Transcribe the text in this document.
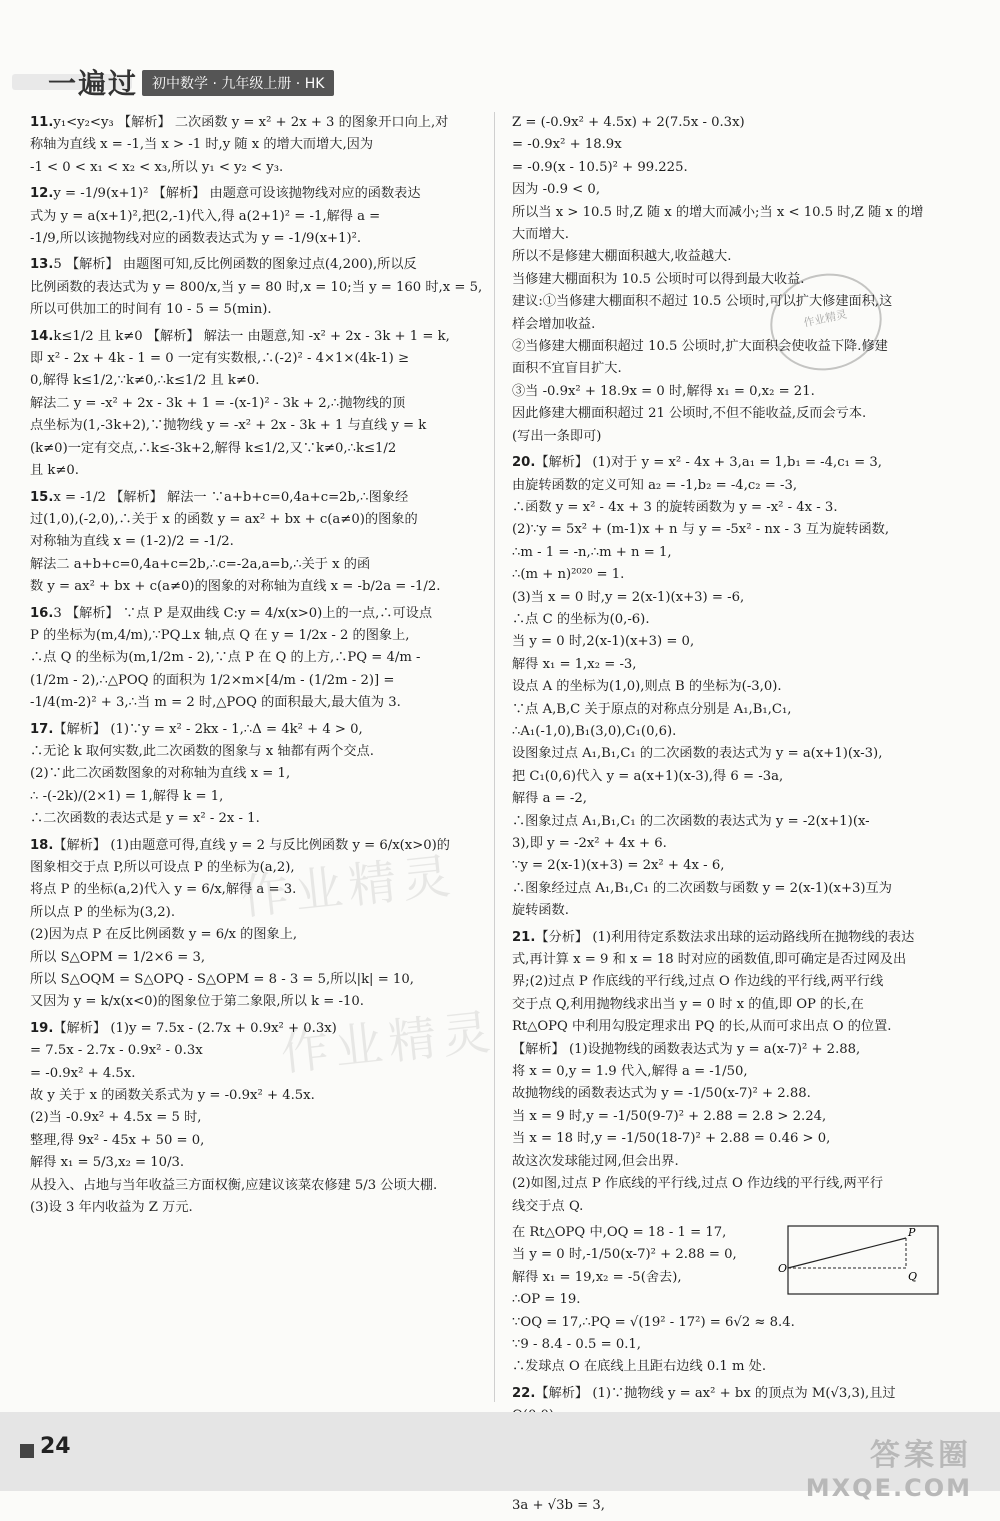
一遍过 初中数学 · 九年级上册 · HK
11.y₁<y₂<y₃ 【解析】 二次函数 y = x² + 2x + 3 的图象开口向上,对
称轴为直线 x = -1,当 x > -1 时,y 随 x 的增大而增大,因为
-1 < 0 < x₁ < x₂ < x₃,所以 y₁ < y₂ < y₃.
12.y = -1/9(x+1)² 【解析】 由题意可设该抛物线对应的函数表达
式为 y = a(x+1)²,把(2,-1)代入,得 a(2+1)² = -1,解得 a =
-1/9,所以该抛物线对应的函数表达式为 y = -1/9(x+1)².
13.5 【解析】 由题图可知,反比例函数的图象过点(4,200),所以反
比例函数的表达式为 y = 800/x,当 y = 80 时,x = 10;当 y = 160 时,x = 5,
所以可供加工的时间有 10 - 5 = 5(min).
14.k≤1/2 且 k≠0 【解析】 解法一 由题意,知 -x² + 2x - 3k + 1 = k,
即 x² - 2x + 4k - 1 = 0 一定有实数根,∴(-2)² - 4×1×(4k-1) ≥
0,解得 k≤1/2,∵k≠0,∴k≤1/2 且 k≠0.
解法二 y = -x² + 2x - 3k + 1 = -(x-1)² - 3k + 2,∴抛物线的顶
点坐标为(1,-3k+2),∵抛物线 y = -x² + 2x - 3k + 1 与直线 y = k
(k≠0)一定有交点,∴k≤-3k+2,解得 k≤1/2,又∵k≠0,∴k≤1/2
且 k≠0.
15.x = -1/2 【解析】 解法一 ∵a+b+c=0,4a+c=2b,∴图象经
过(1,0),(-2,0),∴关于 x 的函数 y = ax² + bx + c(a≠0)的图象的
对称轴为直线 x = (1-2)/2 = -1/2.
解法二 a+b+c=0,4a+c=2b,∴c=-2a,a=b,∴关于 x 的函
数 y = ax² + bx + c(a≠0)的图象的对称轴为直线 x = -b/2a = -1/2.
16.3 【解析】 ∵点 P 是双曲线 C:y = 4/x(x>0)上的一点,∴可设点
P 的坐标为(m,4/m),∵PQ⊥x 轴,点 Q 在 y = 1/2x - 2 的图象上,
∴点 Q 的坐标为(m,1/2m - 2),∵点 P 在 Q 的上方,∴PQ = 4/m -
(1/2m - 2),∴△POQ 的面积为 1/2×m×[4/m - (1/2m - 2)] =
-1/4(m-2)² + 3,∴当 m = 2 时,△POQ 的面积最大,最大值为 3.
17.【解析】 (1)∵y = x² - 2kx - 1,∴Δ = 4k² + 4 > 0,
∴无论 k 取何实数,此二次函数的图象与 x 轴都有两个交点.
(2)∵此二次函数图象的对称轴为直线 x = 1,
∴ -(-2k)/(2×1) = 1,解得 k = 1,
∴二次函数的表达式是 y = x² - 2x - 1.
18.【解析】 (1)由题意可得,直线 y = 2 与反比例函数 y = 6/x(x>0)的
图象相交于点 P,所以可设点 P 的坐标为(a,2),
将点 P 的坐标(a,2)代入 y = 6/x,解得 a = 3.
所以点 P 的坐标为(3,2).
(2)因为点 P 在反比例函数 y = 6/x 的图象上,
所以 S△OPM = 1/2×6 = 3,
所以 S△OQM = S△OPQ - S△OPM = 8 - 3 = 5,所以|k| = 10,
又因为 y = k/x(x<0)的图象位于第二象限,所以 k = -10.
19.【解析】 (1)y = 7.5x - (2.7x + 0.9x² + 0.3x)
= 7.5x - 2.7x - 0.9x² - 0.3x
= -0.9x² + 4.5x.
故 y 关于 x 的函数关系式为 y = -0.9x² + 4.5x.
(2)当 -0.9x² + 4.5x = 5 时,
整理,得 9x² - 45x + 50 = 0,
解得 x₁ = 5/3,x₂ = 10/3.
从投入、占地与当年收益三方面权衡,应建议该菜农修建 5/3 公顷大棚.
(3)设 3 年内收益为 Z 万元.
Z = (-0.9x² + 4.5x) + 2(7.5x - 0.3x)
= -0.9x² + 18.9x
= -0.9(x - 10.5)² + 99.225.
因为 -0.9 < 0,
所以当 x > 10.5 时,Z 随 x 的增大而减小;当 x < 10.5 时,Z 随 x 的增
大而增大.
所以不是修建大棚面积越大,收益越大.
当修建大棚面积为 10.5 公顷时可以得到最大收益.
建议:①当修建大棚面积不超过 10.5 公顷时,可以扩大修建面积,这
样会增加收益.
②当修建大棚面积超过 10.5 公顷时,扩大面积会使收益下降.修建
面积不宜盲目扩大.
③当 -0.9x² + 18.9x = 0 时,解得 x₁ = 0,x₂ = 21.
因此修建大棚面积超过 21 公顷时,不但不能收益,反而会亏本.
(写出一条即可)
20.【解析】 (1)对于 y = x² - 4x + 3,a₁ = 1,b₁ = -4,c₁ = 3,
由旋转函数的定义可知 a₂ = -1,b₂ = -4,c₂ = -3,
∴函数 y = x² - 4x + 3 的旋转函数为 y = -x² - 4x - 3.
(2)∵y = 5x² + (m-1)x + n 与 y = -5x² - nx - 3 互为旋转函数,
∴m - 1 = -n,∴m + n = 1,
∴(m + n)²⁰²⁰ = 1.
(3)当 x = 0 时,y = 2(x-1)(x+3) = -6,
∴点 C 的坐标为(0,-6).
当 y = 0 时,2(x-1)(x+3) = 0,
解得 x₁ = 1,x₂ = -3,
设点 A 的坐标为(1,0),则点 B 的坐标为(-3,0).
∵点 A,B,C 关于原点的对称点分别是 A₁,B₁,C₁,
∴A₁(-1,0),B₁(3,0),C₁(0,6).
设图象过点 A₁,B₁,C₁ 的二次函数的表达式为 y = a(x+1)(x-3),
把 C₁(0,6)代入 y = a(x+1)(x-3),得 6 = -3a,
解得 a = -2,
∴图象过点 A₁,B₁,C₁ 的二次函数的表达式为 y = -2(x+1)(x-
3),即 y = -2x² + 4x + 6.
∵y = 2(x-1)(x+3) = 2x² + 4x - 6,
∴图象经过点 A₁,B₁,C₁ 的二次函数与函数 y = 2(x-1)(x+3)互为
旋转函数.
21.【分析】 (1)利用待定系数法求出球的运动路线所在抛物线的表达
式,再计算 x = 9 和 x = 18 时对应的函数值,即可确定是否过网及出
界;(2)过点 P 作底线的平行线,过点 O 作边线的平行线,两平行线
交于点 Q,利用抛物线求出当 y = 0 时 x 的值,即 OP 的长,在
Rt△OPQ 中利用勾股定理求出 PQ 的长,从而可求出点 O 的位置.
【解析】 (1)设抛物线的函数表达式为 y = a(x-7)² + 2.88,
将 x = 0,y = 1.9 代入,解得 a = -1/50,
故抛物线的函数表达式为 y = -1/50(x-7)² + 2.88.
当 x = 9 时,y = -1/50(9-7)² + 2.88 = 2.8 > 2.24,
当 x = 18 时,y = -1/50(18-7)² + 2.88 = 0.46 > 0,
故这次发球能过网,但会出界.
(2)如图,过点 P 作底线的平行线,过点 O 作边线的平行线,两平行
线交于点 Q.
在 Rt△OPQ 中,OQ = 18 - 1 = 17,
当 y = 0 时,-1/50(x-7)² + 2.88 = 0,
解得 x₁ = 19,x₂ = -5(舍去),
∴OP = 19.
∵OQ = 17,∴PQ = √(19² - 17²) = 6√2 ≈ 8.4.
∵9 - 8.4 - 0.5 = 0.1,
∴发球点 O 在底线上且距右边线 0.1 m 处.
P
O
Q
22.【解析】 (1)∵抛物线 y = ax² + bx 的顶点为 M(√3,3),且过
3a + √3b = 3,
作业精灵
作业精灵
作业精灵
24	答案圈
MXQE.COM
